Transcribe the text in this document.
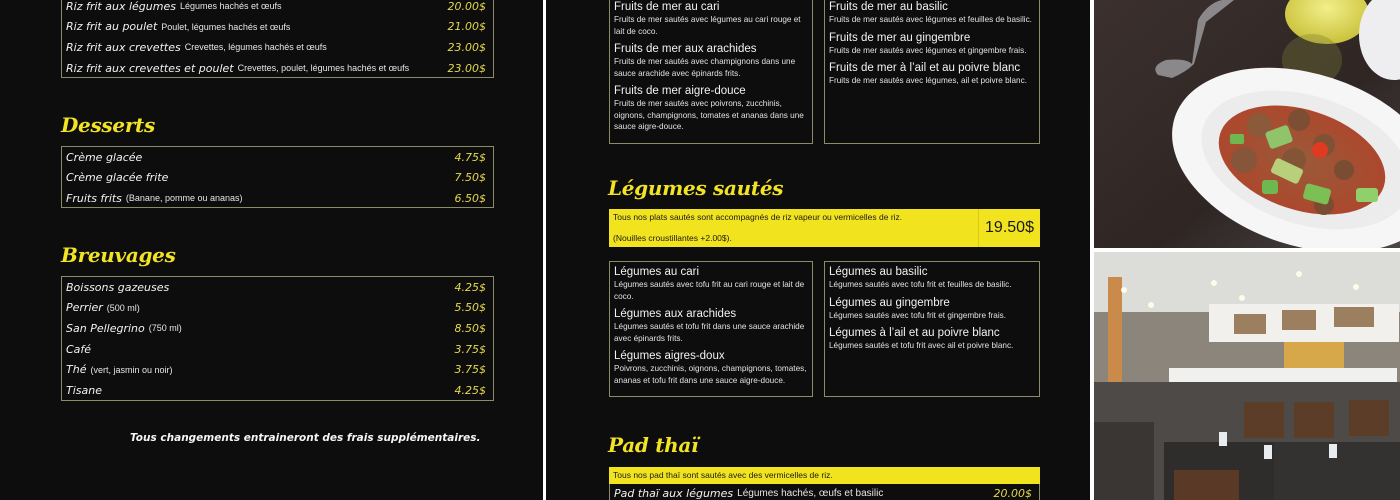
Riz frit aux légumes Légumes hachés et œufs	20.00$
Riz frit au poulet Poulet, légumes hachés et œufs	21.00$
Riz frit aux crevettes Crevettes, légumes hachés et œufs	23.00$
Riz frit aux crevettes et poulet Crevettes, poulet, légumes hachés et œufs	23.00$
Desserts
Crème glacée	4.75$
Crème glacée frite	7.50$
Fruits frits (Banane, pomme ou ananas)	6.50$
Breuvages
Boissons gazeuses	4.25$
Perrier (500 ml)	5.50$
San Pellegrino (750 ml)	8.50$
Café	3.75$
Thé (vert, jasmin ou noir)	3.75$
Tisane	4.25$
Tous changements entraineront des frais supplémentaires.
Fruits de mer au cari
Fruits de mer sautés avec légumes au cari rouge et lait de coco.
Fruits de mer aux arachides
Fruits de mer sautés avec champignons dans une sauce arachide avec épinards frits.
Fruits de mer aigre-douce
Fruits de mer sautés avec poivrons, zucchinis, oignons, champignons, tomates et ananas dans une sauce aigre-douce.
Fruits de mer au basilic
Fruits de mer sautés avec légumes et feuilles de basilic.
Fruits de mer au gingembre
Fruits de mer sautés avec légumes et gingembre frais.
Fruits de mer à l’ail et au poivre blanc
Fruits de mer sautés avec légumes, ail et poivre blanc.
Légumes sautés
Tous nos plats sautés sont accompagnés de riz vapeur ou vermicelles de riz.
(Nouilles croustillantes +2.00$).
19.50$
Légumes au cari
Légumes sautés avec tofu frit au cari rouge et lait de coco.
Légumes aux arachides
Légumes sautés et tofu frit dans une sauce arachide avec épinards frits.
Légumes aigres-doux
Poivrons, zucchinis, oignons, champignons, tomates, ananas et tofu frit dans une sauce aigre-douce.
Légumes au basilic
Légumes sautés avec tofu frit et feuilles de basilic.
Légumes au gingembre
Légumes sautés avec tofu frit et gingembre frais.
Légumes à l’ail et au poivre blanc
Légumes sautés et tofu frit avec ail et poivre blanc.
Pad thaï
Tous nos pad thaï sont sautés avec des vermicelles de riz.
Pad thaï aux légumes Légumes hachés, œufs et basilic	20.00$
